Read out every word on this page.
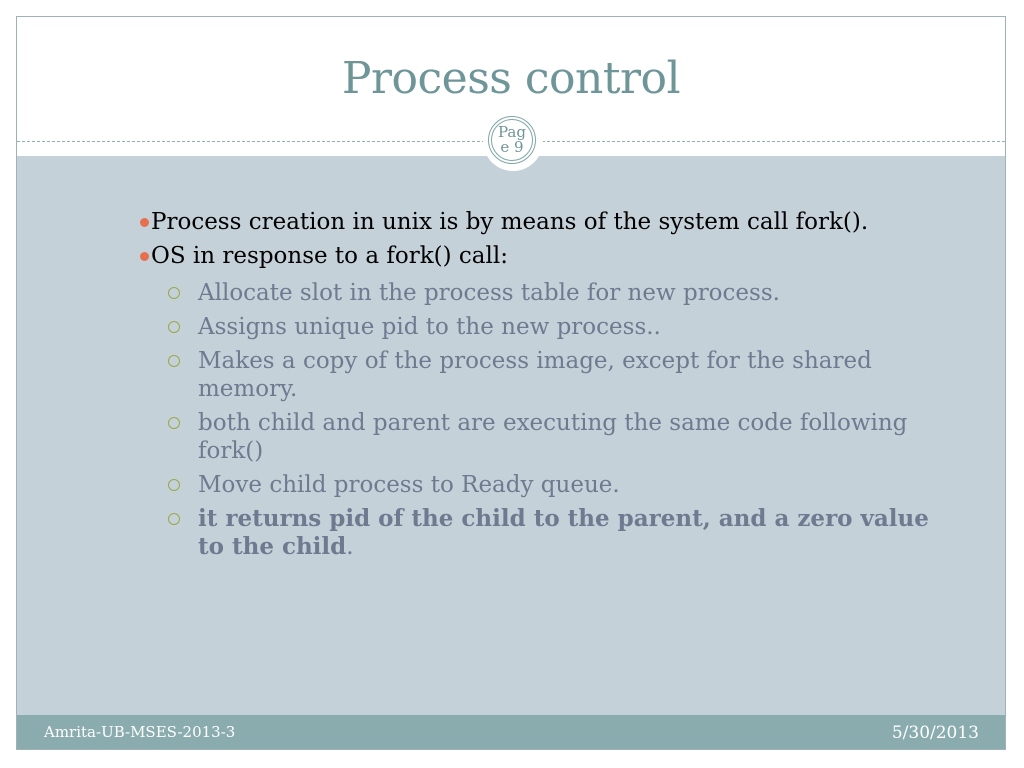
Process control
Page 9
Amrita-UB-MSES-2013-3	5/30/2013
Process creation in unix is by means of the system call fork().
OS in response to a fork() call:
Allocate slot in the process table for new process.
Assigns unique pid to the new process..
Makes a copy of the process image, except for the shared memory.
both child and parent are executing the same code following fork()
Move child process to Ready queue.
it returns pid of the child to the parent, and a zero value to the child.
